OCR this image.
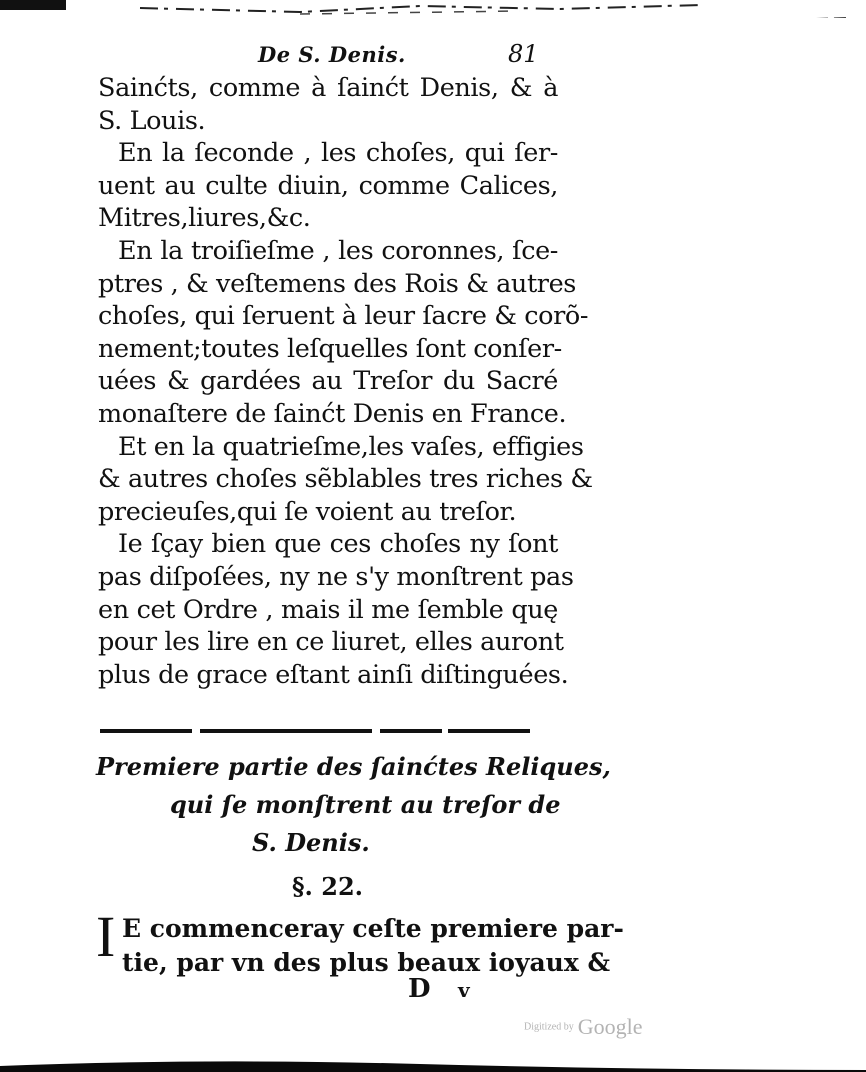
De S. Denis.	81
Sainćts, comme à ſainćt Denis, & à
S. Louis.
En la ſeconde , les choſes, qui ſer-
uent au culte diuin, comme Calices,
Mitres,liures,&c.
En la troiſieſme , les coronnes, ſce-
ptres , & veſtemens des Rois & autres
choſes, qui ſeruent à leur ſacre & corõ-
nement;toutes leſquelles ſont conſer-
uées & gardées au Treſor du Sacré
monaſtere de ſainćt Denis en France.
Et en la quatrieſme,les vaſes, effigies
& autres choſes sẽblables tres riches &
precieuſes,qui ſe voient au treſor.
Ie ſçay bien que ces choſes ny ſont
pas diſpoſées, ny ne s'y monſtrent pas
en cet Ordre , mais il me ſemble quę
pour les lire en ce liuret, elles auront
plus de grace eſtant ainſi diſtinguées.
Premiere partie des ſainćtes Reliques,
qui ſe monſtrent au treſor de
S. Denis.
§. 22.
I E commenceray ceſte premiere par-
tie, par vn des plus beaux ioyaux &
D v
Digitized by Google
